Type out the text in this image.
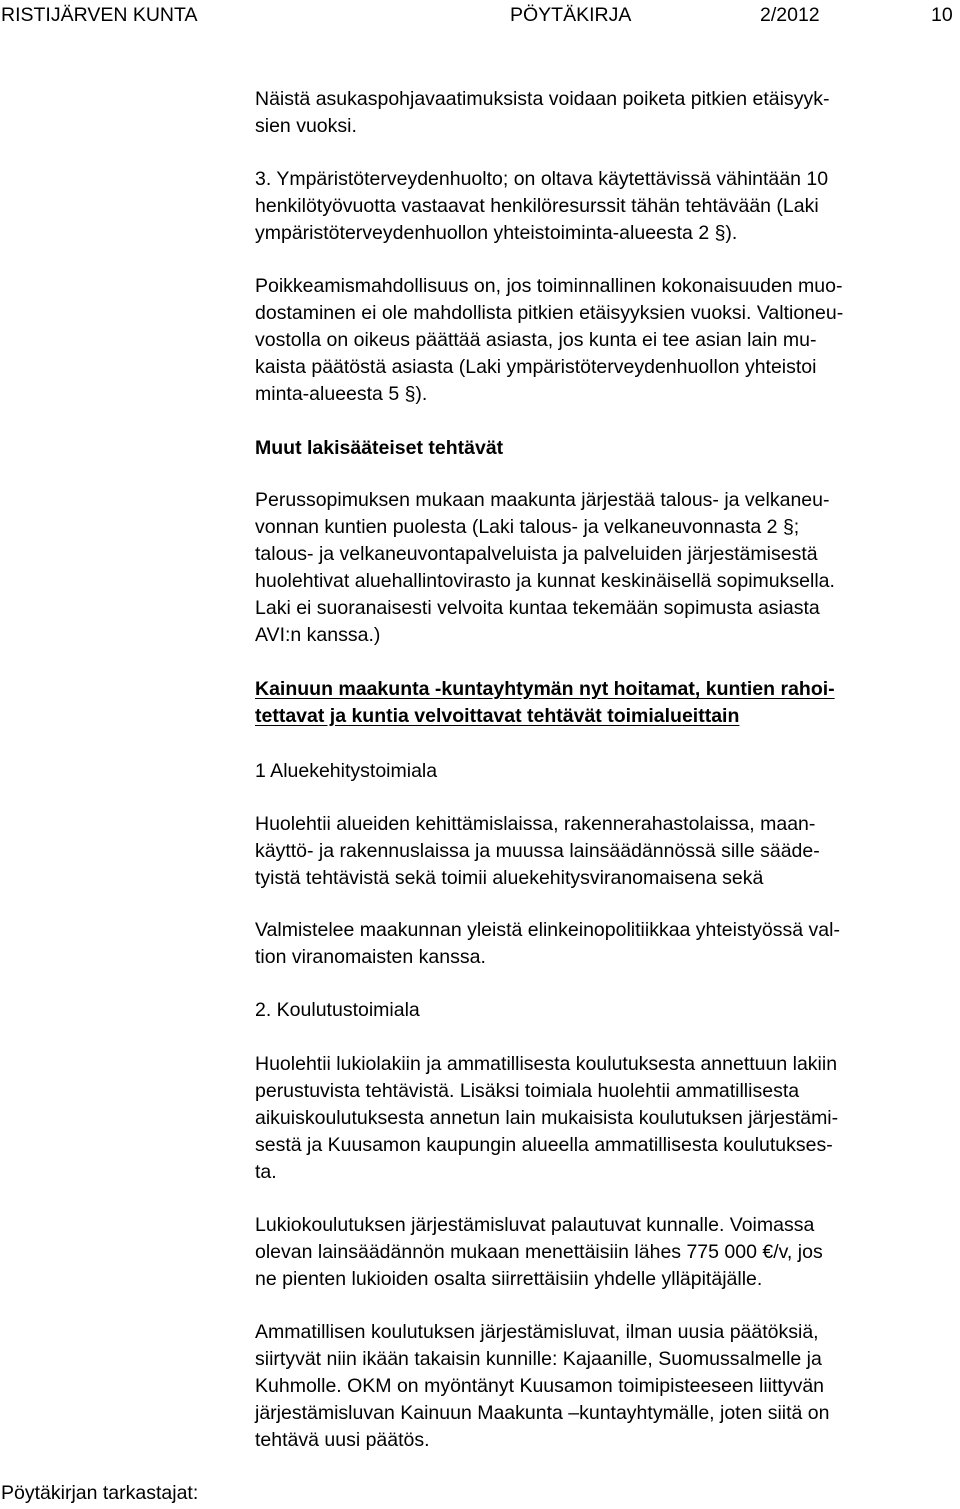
RISTIJÄRVEN KUNTA	PÖYTÄKIRJA	2/2012	10

Näistä asukaspohjavaatimuksista voidaan poiketa pitkien etäisyyk-
sien vuoksi.

3. Ympäristöterveydenhuolto; on oltava käytettävissä vähintään 10
henkilötyövuotta vastaavat henkilöresurssit tähän tehtävään (Laki
ympäristöterveydenhuollon yhteistoiminta-alueesta 2 §).

Poikkeamismahdollisuus on, jos toiminnallinen kokonaisuuden muo-
dostaminen ei ole mahdollista pitkien etäisyyksien vuoksi. Valtioneu-
vostolla on oikeus päättää asiasta, jos kunta ei tee asian lain mu-
kaista päätöstä asiasta (Laki ympäristöterveydenhuollon yhteistoi
minta-alueesta 5 §).

Muut lakisääteiset tehtävät

Perussopimuksen mukaan maakunta järjestää talous- ja velkaneu-
vonnan kuntien puolesta (Laki talous- ja velkaneuvonnasta 2 §;
talous- ja velkaneuvontapalveluista ja palveluiden järjestämisestä
huolehtivat aluehallintovirasto ja kunnat keskinäisellä sopimuksella.
Laki ei suoranaisesti velvoita kuntaa tekemään sopimusta asiasta
AVI:n kanssa.)

Kainuun maakunta -kuntayhtymän nyt hoitamat, kuntien rahoi-
tettavat ja kuntia velvoittavat tehtävät toimialueittain

1 Aluekehitystoimiala

Huolehtii alueiden kehittämislaissa, rakennerahastolaissa, maan-
käyttö- ja rakennuslaissa ja muussa lainsäädännössä sille sääde-
tyistä tehtävistä sekä toimii aluekehitysviranomaisena sekä

Valmistelee maakunnan yleistä elinkeinopolitiikkaa yhteistyössä val-
tion viranomaisten kanssa.

2. Koulutustoimiala

Huolehtii lukiolakiin ja ammatillisesta koulutuksesta annettuun lakiin
perustuvista tehtävistä. Lisäksi toimiala huolehtii ammatillisesta
aikuiskoulutuksesta annetun lain mukaisista koulutuksen järjestämi-
sestä ja Kuusamon kaupungin alueella ammatillisesta koulutukses-
ta.

Lukiokoulutuksen järjestämisluvat palautuvat kunnalle. Voimassa
olevan lainsäädännön mukaan menettäisiin lähes 775 000 €/v, jos
ne pienten lukioiden osalta siirrettäisiin yhdelle ylläpitäjälle.

Ammatillisen koulutuksen järjestämisluvat, ilman uusia päätöksiä,
siirtyvät niin ikään takaisin kunnille: Kajaanille, Suomussalmelle ja
Kuhmolle. OKM on myöntänyt Kuusamon toimipisteeseen liittyvän
järjestämisluvan Kainuun Maakunta –kuntayhtymälle, joten siitä on
tehtävä uusi päätös.

Pöytäkirjan tarkastajat:
